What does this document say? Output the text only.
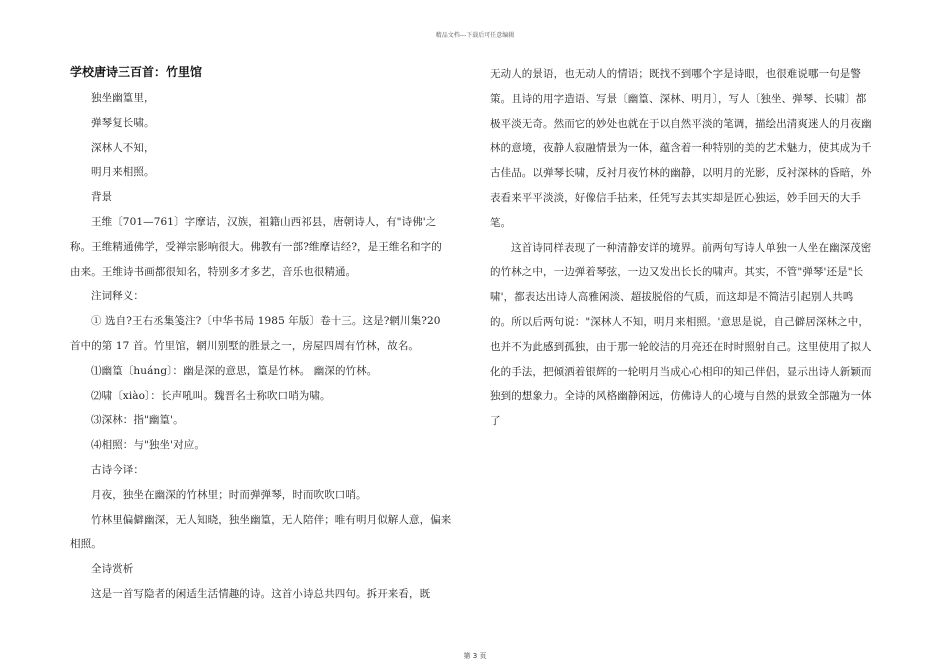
精品文档---下载后可任意编辑
学校唐诗三百首：竹里馆

独坐幽篁里，

弹琴复长啸。

深林人不知，

明月来相照。

背景

王维〔701—761〕字摩诘，汉族，祖籍山西祁县，唐朝诗人，有"诗佛'之称。王维精通佛学，受禅宗影响很大。佛教有一部?维摩诘经?，是王维名和字的由来。王维诗书画都很知名，特别多才多艺，音乐也很精通。

注词释义：

① 选自?王右丞集笺注?〔中华书局 1985 年版〕卷十三。这是?辋川集?20 首中的第 17 首。竹里馆，辋川别墅的胜景之一，房屋四周有竹林，故名。

⑴幽篁〔huáng〕：幽是深的意思，篁是竹林。 幽深的竹林。

⑵啸〔xiào〕：长声吼叫。魏晋名士称吹口哨为啸。

⑶深林：指"幽篁'。

⑷相照：与"独坐'对应。

古诗今译：

月夜，独坐在幽深的竹林里；时而弹弹琴，时而吹吹口哨。

竹林里偏僻幽深，无人知晓，独坐幽篁，无人陪伴；唯有明月似解人意，偏来相照。

全诗赏析

这是一首写隐者的闲适生活情趣的诗。这首小诗总共四句。拆开来看，既

无动人的景语，也无动人的情语；既找不到哪个字是诗眼，也很难说哪一句是警策。且诗的用字造语、写景〔幽篁、深林、明月〕，写人〔独坐、弹琴、长啸〕都极平淡无奇。然而它的妙处也就在于以自然平淡的笔调，描绘出清爽迷人的月夜幽林的意境，夜静人寂融情景为一体，蕴含着一种特别的美的艺术魅力，使其成为千古佳品。以弹琴长啸，反衬月夜竹林的幽静，以明月的光影，反衬深林的昏暗，外表看来平平淡淡，好像信手拈来，任凭写去其实却是匠心独运，妙手回天的大手笔。

这首诗同样表现了一种清静安详的境界。前两句写诗人单独一人坐在幽深茂密的竹林之中，一边弹着琴弦，一边又发出长长的啸声。其实，不管"弹琴'还是"长啸'，都表达出诗人高雅闲淡、超拔脱俗的气质，而这却是不简洁引起别人共鸣的。所以后两句说："深林人不知，明月来相照。'意思是说，自己僻居深林之中，也并不为此感到孤独，由于那一轮皎洁的月亮还在时时照射自己。这里使用了拟人化的手法，把倾洒着银辉的一轮明月当成心心相印的知己伴侣，显示出诗人新颖而独到的想象力。全诗的风格幽静闲远，仿佛诗人的心境与自然的景致全部融为一体了

第 3 页
